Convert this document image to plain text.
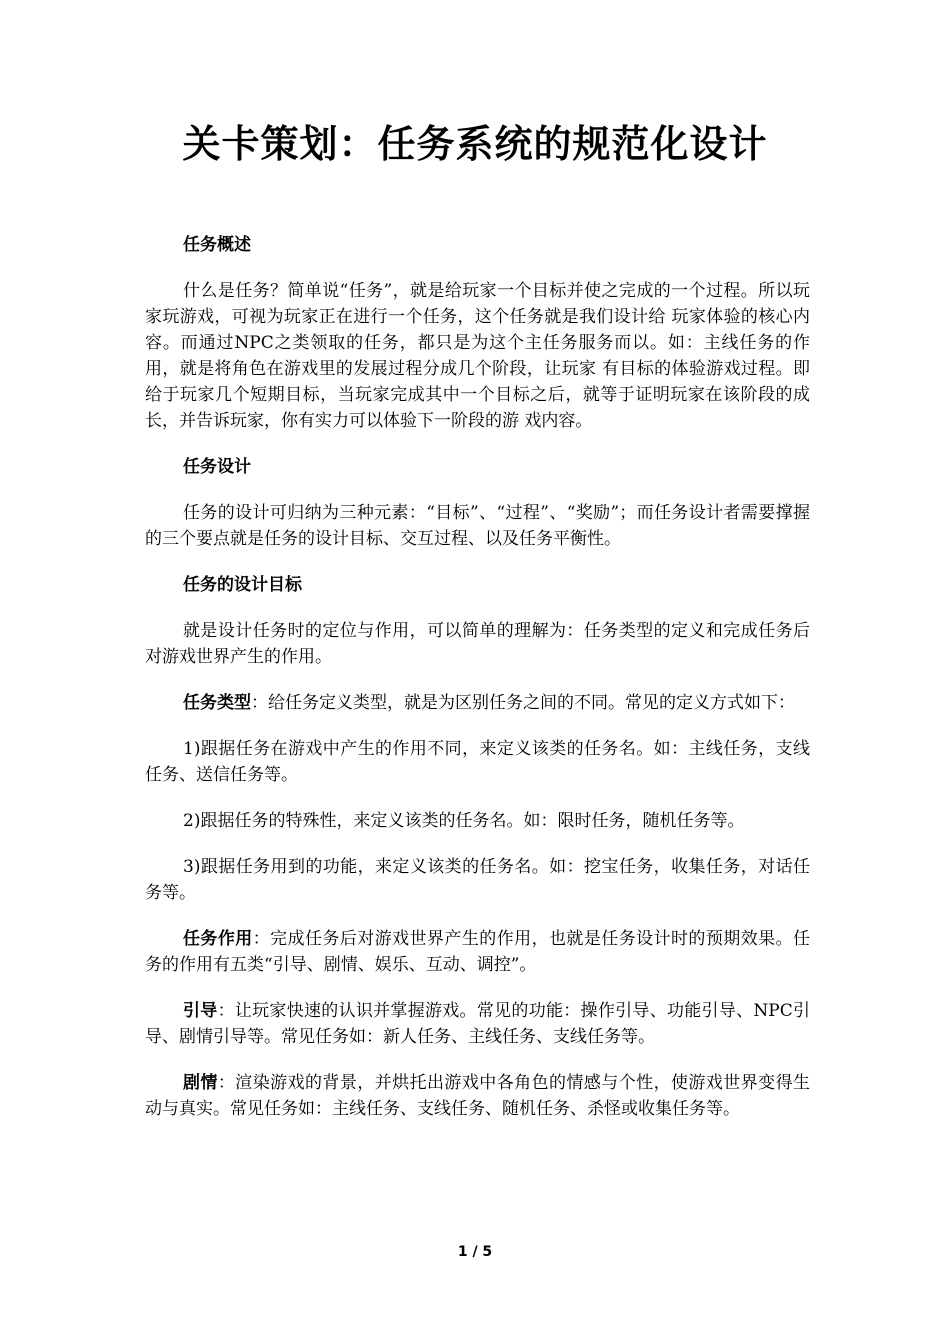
关卡策划：任务系统的规范化设计

任务概述

什么是任务？简单说“任务”，就是给玩家一个目标并使之完成的一个过程。所以玩家玩游戏，可视为玩家正在进行一个任务，这个任务就是我们设计给 玩家体验的核心内容。而通过NPC之类领取的任务，都只是为这个主任务服务而以。如：主线任务的作用，就是将角色在游戏里的发展过程分成几个阶段，让玩家 有目标的体验游戏过程。即给于玩家几个短期目标，当玩家完成其中一个目标之后，就等于证明玩家在该阶段的成长，并告诉玩家，你有实力可以体验下一阶段的游 戏内容。

任务设计

任务的设计可归纳为三种元素：“目标”、“过程”、“奖励”；而任务设计者需要撑握的三个要点就是任务的设计目标、交互过程、以及任务平衡性。

任务的设计目标

就是设计任务时的定位与作用，可以简单的理解为：任务类型的定义和完成任务后对游戏世界产生的作用。

任务类型：给任务定义类型，就是为区别任务之间的不同。常见的定义方式如下：

1)跟据任务在游戏中产生的作用不同，来定义该类的任务名。如：主线任务，支线任务、送信任务等。

2)跟据任务的特殊性，来定义该类的任务名。如：限时任务，随机任务等。

3)跟据任务用到的功能，来定义该类的任务名。如：挖宝任务，收集任务，对话任务等。

任务作用：完成任务后对游戏世界产生的作用，也就是任务设计时的预期效果。任务的作用有五类“引导、剧情、娱乐、互动、调控”。

引导：让玩家快速的认识并掌握游戏。常见的功能：操作引导、功能引导、NPC引导、剧情引导等。常见任务如：新人任务、主线任务、支线任务等。

剧情：渲染游戏的背景，并烘托出游戏中各角色的情感与个性，使游戏世界变得生动与真实。常见任务如：主线任务、支线任务、随机任务、杀怪或收集任务等。

1 / 5
